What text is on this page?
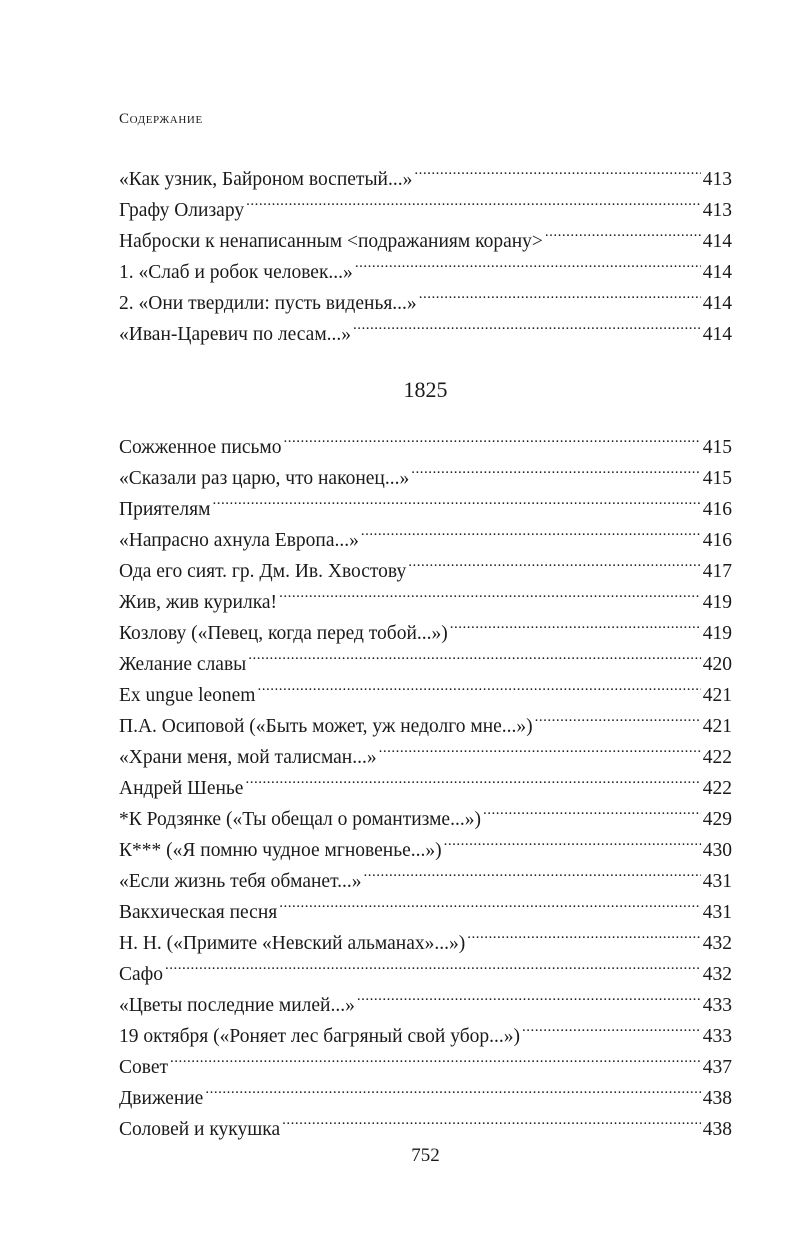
Содержание
«Как узник, Байроном воспетый...» .....	413
Графу Олизару .....	413
Наброски к ненаписанным <подражаниям корану> .....	414
1. «Слаб и робок человек...» .....	414
2. «Они твердили: пусть виденья...» .....	414
«Иван-Царевич по лесам...» .....	414
1825
Сожженное письмо .....	415
«Сказали раз царю, что наконец...» .....	415
Приятелям .....	416
«Напрасно ахнула Европа...» .....	416
Ода его сият. гр. Дм. Ив. Хвостову .....	417
Жив, жив курилка! .....	419
Козлову («Певец, когда перед тобой...») .....	419
Желание славы .....	420
Ex ungue leonem .....	421
П.А. Осиповой («Быть может, уж недолго мне...») .....	421
«Храни меня, мой талисман...» .....	422
Андрей Шенье .....	422
*К Родзянке («Ты обещал о романтизме...») .....	429
К*** («Я помню чудное мгновенье...») .....	430
«Если жизнь тебя обманет...» .....	431
Вакхическая песня .....	431
Н. Н. («Примите «Невский альманах»...») .....	432
Сафо .....	432
«Цветы последние милей...» .....	433
19 октября («Роняет лес багряный свой убор...») .....	433
Совет .....	437
Движение .....	438
Соловей и кукушка .....	438
752
